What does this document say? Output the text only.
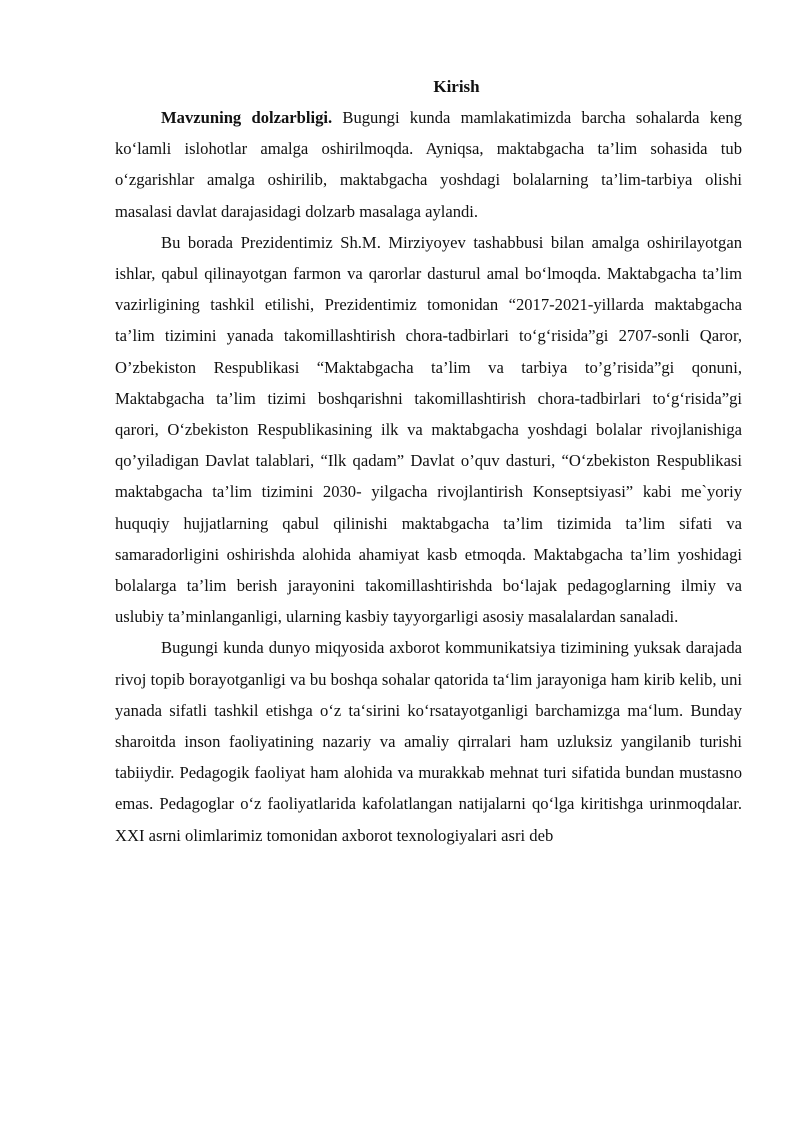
Kirish

Mavzuning dolzarbligi. Bugungi kunda mamlakatimizda barcha sohalarda keng ko‘lamli islohotlar amalga oshirilmoqda. Ayniqsa, maktabgacha ta’lim sohasida tub o‘zgarishlar amalga oshirilib, maktabgacha yoshdagi bolalarning ta’lim-tarbiya olishi masalasi davlat darajasidagi dolzarb masalaga aylandi.

Bu borada Prezidentimiz Sh.M. Mirziyoyev tashabbusi bilan amalga oshirilayotgan ishlar, qabul qilinayotgan farmon va qarorlar dasturul amal bo‘lmoqda. Maktabgacha ta’lim vazirligining tashkil etilishi, Prezidentimiz tomonidan “2017-2021-yillarda maktabgacha ta’lim tizimini yanada takomillashtirish chora-tadbirlari to‘g‘risida”gi 2707-sonli Qaror, O’zbekiston Respublikasi “Maktabgacha ta’lim va tarbiya to’g’risida”gi qonuni, Maktabgacha ta’lim tizimi boshqarishni takomillashtirish chora-tadbirlari to‘g‘risida”gi qarori, O‘zbekiston Respublikasining ilk va maktabgacha yoshdagi bolalar rivojlanishiga qo’yiladigan Davlat talablari, “Ilk qadam” Davlat o’quv dasturi, “O‘zbekiston Respublikasi maktabgacha ta’lim tizimini 2030- yilgacha rivojlantirish Konseptsiyasi” kabi me`yoriy huquqiy hujjatlarning qabul qilinishi maktabgacha ta’lim tizimida ta’lim sifati va samaradorligini oshirishda alohida ahamiyat kasb etmoqda. Maktabgacha ta’lim yoshidagi bolalarga ta’lim berish jarayonini takomillashtirishda bo‘lajak pedagoglarning ilmiy va uslubiy ta’minlanganligi, ularning kasbiy tayyorgarligi asosiy masalalardan sanaladi.

Bugungi kunda dunyo miqyosida axborot kommunikatsiya tizimining yuksak darajada rivoj topib borayotganligi va bu boshqa sohalar qatorida ta‘lim jarayoniga ham kirib kelib, uni yanada sifatli tashkil etishga o‘z ta‘sirini ko‘rsatayotganligi barchamizga ma‘lum. Bunday sharoitda inson faoliyatining nazariy va amaliy qirralari ham uzluksiz yangilanib turishi tabiiydir. Pedagogik faoliyat ham alohida va murakkab mehnat turi sifatida bundan mustasno emas. Pedagoglar o‘z faoliyatlarida kafolatlangan natijalarni qo‘lga kiritishga urinmoqdalar. XXI asrni olimlarimiz tomonidan axborot texnologiyalari asri deb
